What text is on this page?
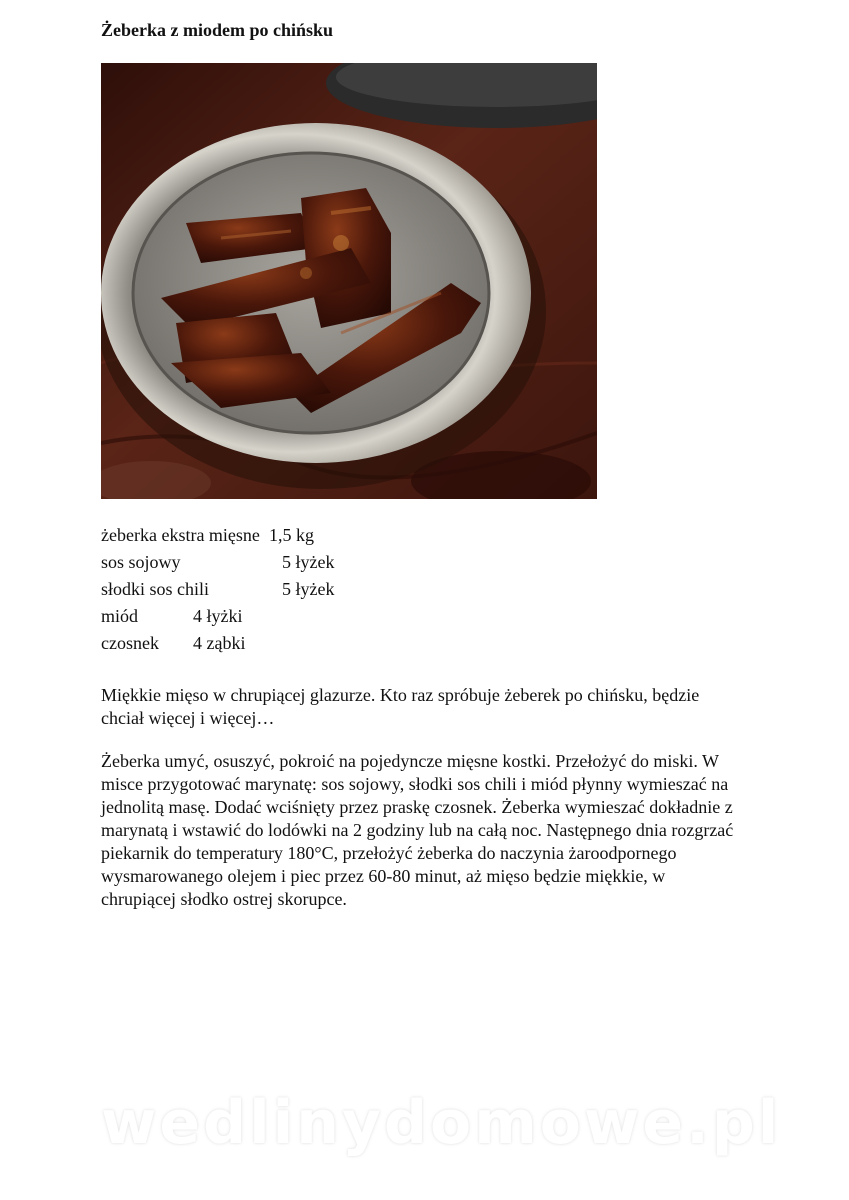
Żeberka z miodem po chińsku
żeberka ekstra mięsne 1,5 kg
sos sojowy	5 łyżek
słodki sos chili	5 łyżek
miód	4 łyżki
czosnek 4 ząbki

Miękkie mięso w chrupiącej glazurze. Kto raz spróbuje żeberek po chińsku, będzie chciał więcej i więcej…

Żeberka umyć, osuszyć, pokroić na pojedyncze mięsne kostki. Przełożyć do miski. W misce przygotować marynatę: sos sojowy, słodki sos chili i miód płynny wymieszać na jednolitą masę. Dodać wciśnięty przez praskę czosnek. Żeberka wymieszać dokładnie z marynatą i wstawić do lodówki na 2 godziny lub na całą noc. Następnego dnia rozgrzać piekarnik do temperatury 180°C, przełożyć żeberka do naczynia żaroodpornego wysmarowanego olejem i piec przez 60-80 minut, aż mięso będzie miękkie, w chrupiącej słodko ostrej skorupce.

wedlinydomowe.pl
